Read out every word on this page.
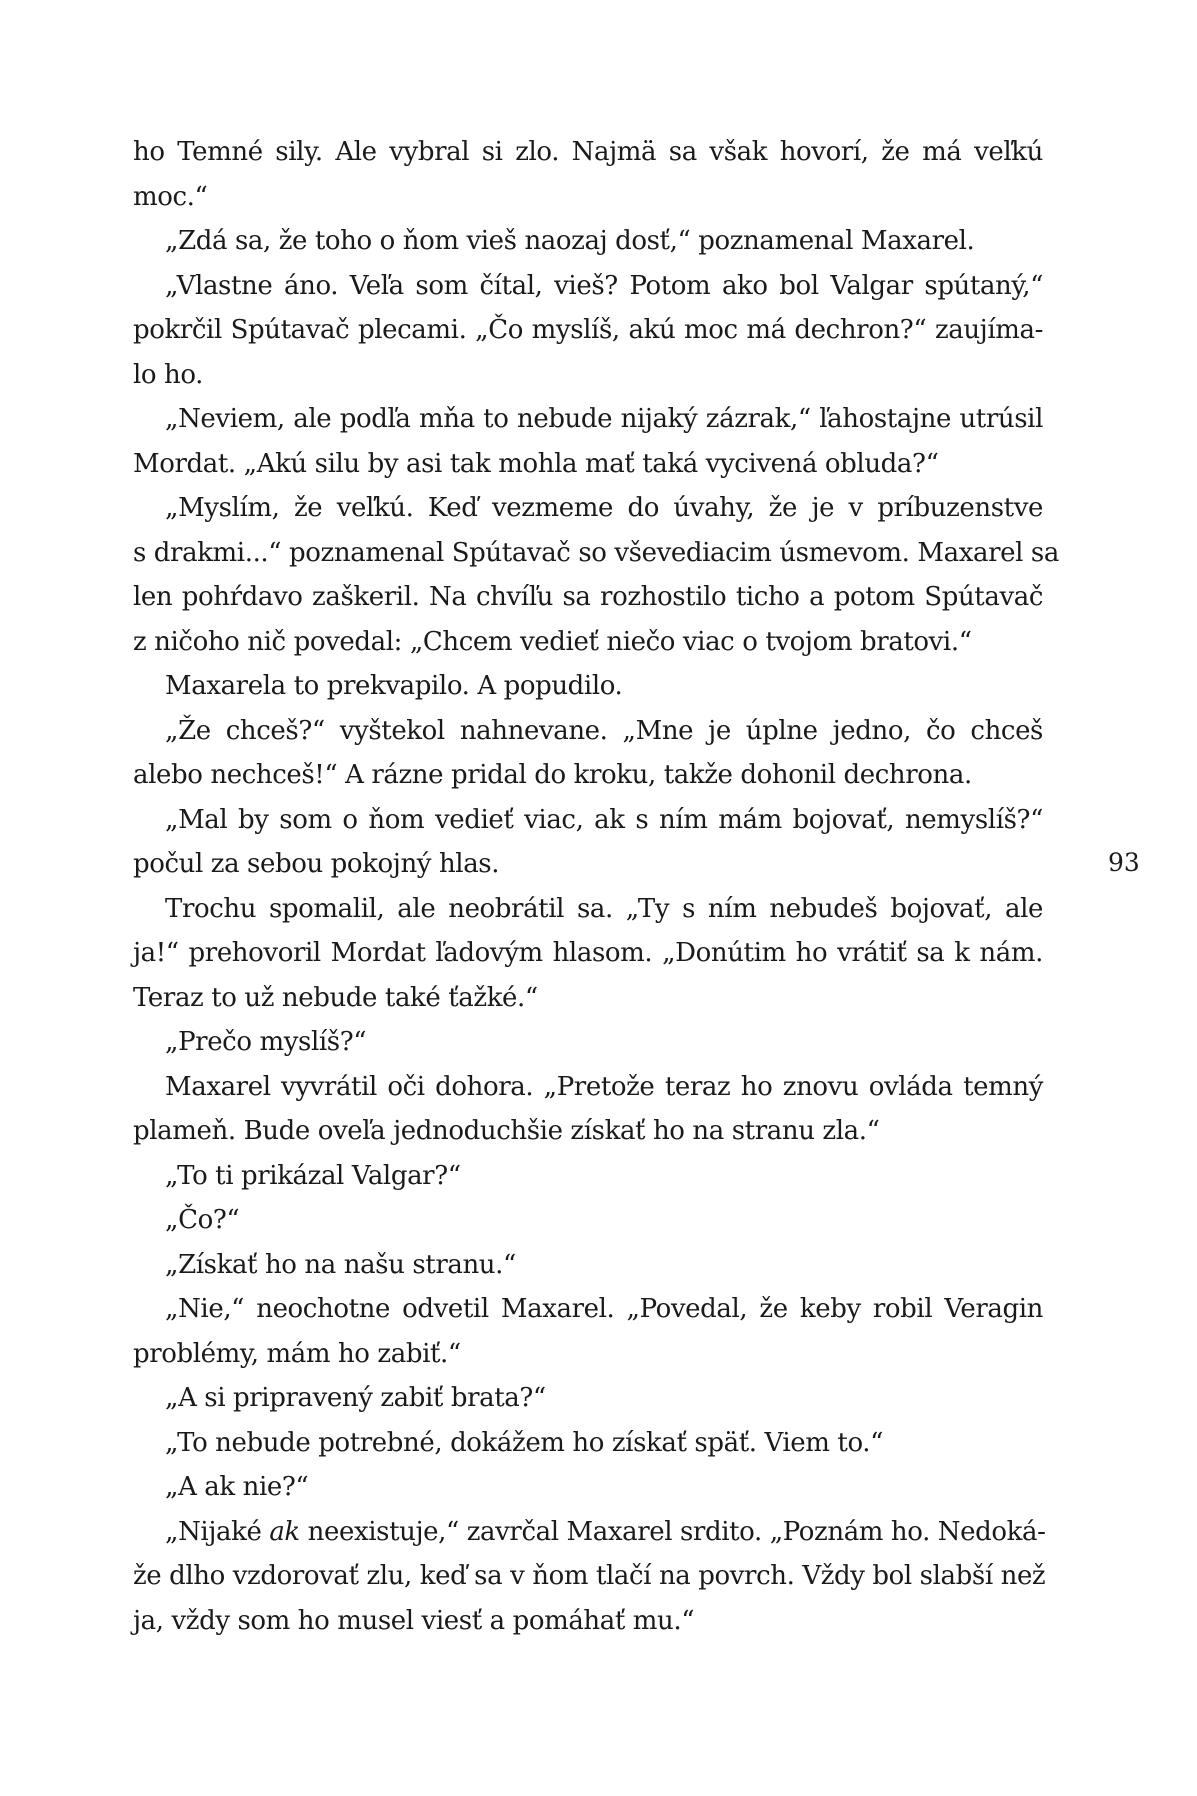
ho Temné sily. Ale vybral si zlo. Najmä sa však hovorí, že má veľkú
moc.“
„Zdá sa, že toho o ňom vieš naozaj dosť,“ poznamenal Maxarel.
„Vlastne áno. Veľa som čítal, vieš? Potom ako bol Valgar spútaný,“
pokrčil Spútavač plecami. „Čo myslíš, akú moc má dechron?“ zaujíma-
lo ho.
„Neviem, ale podľa mňa to nebude nijaký zázrak,“ ľahostajne utrúsil
Mordat. „Akú silu by asi tak mohla mať taká vycivená obluda?“
„Myslím, že veľkú. Keď vezmeme do úvahy, že je v príbuzenstve
s drakmi...“ poznamenal Spútavač so vševediacim úsmevom. Maxarel sa
len pohŕdavo zaškeril. Na chvíľu sa rozhostilo ticho a potom Spútavač
z ničoho nič povedal: „Chcem vedieť niečo viac o tvojom bratovi.“
Maxarela to prekvapilo. A popudilo.
„Že chceš?“ vyštekol nahnevane. „Mne je úplne jedno, čo chceš
alebo nechceš!“ A rázne pridal do kroku, takže dohonil dechrona.
„Mal by som o ňom vedieť viac, ak s ním mám bojovať, nemyslíš?“
počul za sebou pokojný hlas.
Trochu spomalil, ale neobrátil sa. „Ty s ním nebudeš bojovať, ale
ja!“ prehovoril Mordat ľadovým hlasom. „Donútim ho vrátiť sa k nám.
Teraz to už nebude také ťažké.“
„Prečo myslíš?“
Maxarel vyvrátil oči dohora. „Pretože teraz ho znovu ovláda temný
plameň. Bude oveľa jednoduchšie získať ho na stranu zla.“
„To ti prikázal Valgar?“
„Čo?“
„Získať ho na našu stranu.“
„Nie,“ neochotne odvetil Maxarel. „Povedal, že keby robil Veragin
problémy, mám ho zabiť.“
„A si pripravený zabiť brata?“
„To nebude potrebné, dokážem ho získať späť. Viem to.“
„A ak nie?“
„Nijaké ak neexistuje,“ zavrčal Maxarel srdito. „Poznám ho. Nedoká-
že dlho vzdorovať zlu, keď sa v ňom tlačí na povrch. Vždy bol slabší než
ja, vždy som ho musel viesť a pomáhať mu.“
93
